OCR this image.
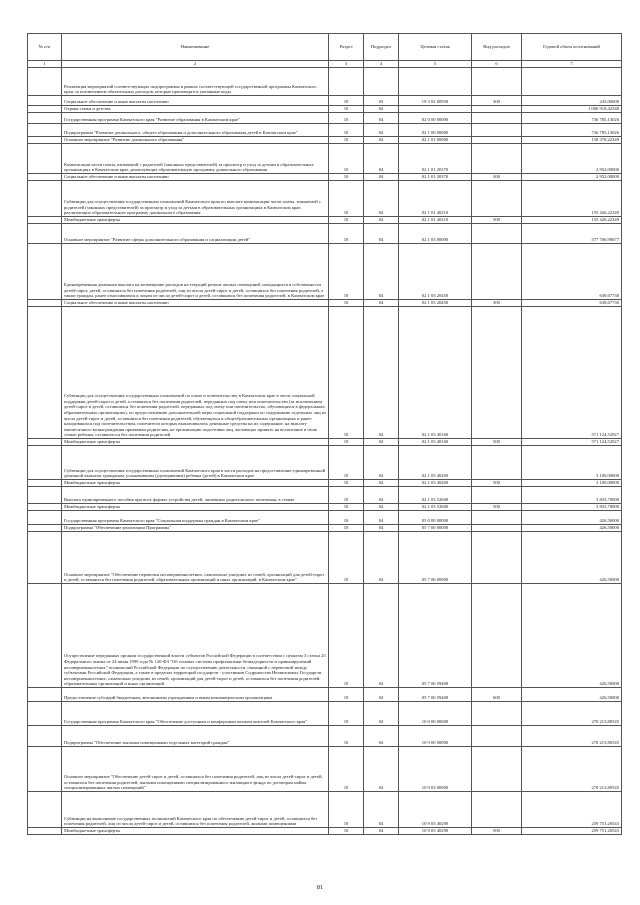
№ п/п	Наименование	Раздел	Подраздел	Целевая статья	Вид расходов	Годовой объем ассигнований
1	2	3	4	5	6	7
	Реализация мероприятий соответствующих подпрограммы в рамках соответствующей государственной программы Камчатского края, за исключением обязательных расходов, которые производятся указанные коды					
	Социальное обеспечение и иные выплаты населению	10	03	19 3 02 00950	300	243,00000
	Охрана семьи и детства	10	04			1 006 918,42548
	Государственная программа Камчатского края "Развитие образования в Камчатском крае"	10	04	02 0 00 00000		736 785,13026
	Подпрограмма "Развитие дошкольного, общего образования и дополнительного образования детей в Камчатском крае"	10	04	02 1 00 00000		736 785,13026
	Основное мероприятие "Развитие дошкольного образования"	10	04	02 1 01 00000		158 378,22349
	Компенсация части платы, взимаемой с родителей (законных представителей) за присмотр и уход за детьми в образовательных организациях в Камчатском крае, реализующих образовательную программу дошкольного образования	10	04	02 1 01 20370		2 952,00000
	Социальное обеспечение и иные выплаты населению	10	04	02 1 01 20370	300	2 952,00000
	Субвенции для осуществления государственных полномочий Камчатского края по выплате компенсации части платы, взимаемой с родителей (законных представителей) за присмотр и уход за детьми в образовательных организациях в Камчатском крае, реализующих образовательную программу дошкольного образования	10	04	02 1 01 40210		155 426,22349
	Межбюджетные трансферты	10	04	02 1 01 40210	500	155 426,22349
	Основное мероприятие "Развитие сферы дополнительного образования и социализации детей"	10	04	02 1 03 00000		577 706,90677
	Единовременная денежная выплата на возмещение расходов на текущий ремонт жилых помещений, находящихся в собственности детей-сирот, детей, оставшихся без попечения родителей, лиц из числа детей-сирот и детей, оставшихся без попечения родителей, а также граждан, ранее относившихся к лицам из числа детей-сирот и детей, оставшихся без попечения родителей, в Камчатском крае	10	04	02 1 03 20450		638,67730
	Социальное обеспечение и иные выплаты населению	10	04	02 1 03 20450	300	638,67730
	Субвенции для осуществления государственных полномочий по опеке и попечительству в Камчатском крае в части социальной поддержки детей-сирот и детей, оставшихся без попечения родителей, переданных под опеку или попечительство (за исключением детей-сирот и детей, оставшихся без попечения родителей, переданных под опеку или попечительство, обучающихся в федеральных образовательных организациях), по предоставлению дополнительной меры социальной поддержки по содержанию отдельных лиц из числа детей-сирот и детей, оставшихся без попечения родителей, обучающихся в общеобразовательных организациях и ранее находившихся под попечительством, попечители которых выплачивались денежные средства на их содержание, на выплату ежемесячного вознаграждения приемным родителям, на организацию подготовки лиц, желающих принять на воспитание в свою семью ребенка, оставшегося без попечения родителей	10	04	02 1 03 40160		571 124,52927
	Межбюджетные трансферты	10	04	02 1 03 40160	500	571 124,52927
	Субвенции для осуществления государственных полномочий Камчатского края в части расходов на предоставление единовременной денежной выплаты гражданам, усыновившим (удочерившим) ребенка (детей) в Камчатском крае	10	04	02 1 03 40200		3 100,00000
	Межбюджетные трансферты	10	04	02 1 03 40200	500	3 100,00000
	Выплата единовременного пособия при всех формах устройства детей, лишенных родительского попечения, в семью	10	04	02 1 03 52600		3 833,70000
	Межбюджетные трансферты	10	04	02 1 03 52600	500	3 833,70000
	Государственная программа Камчатского края "Социальная поддержка граждан в Камчатском крае"	10	04	05 0 00 00000		426,50000
	Подпрограмма "Обеспечение реализации Программы"	10	04	05 7 00 00000		426,50000
	Основное мероприятие "Обеспечение перевозки несовершеннолетних, самовольно ушедших из семей, организаций для детей-сирот и детей, оставшихся без попечения родителей, образовательных организаций и иных организаций, в Камчатском крае"	10	04	05 7 06 00000		426,50000
	Осуществление переданных органам государственной власти субъектов Российской Федерации в соответствии с пунктом 3 статьи 25 Федерального закона от 24 июня 1999 года № 120-ФЗ "Об основах системы профилактики безнадзорности и правонарушений несовершеннолетних" полномочий Российской Федерации по осуществлению деятельности, связанной с перевозкой между субъектами Российской Федерации, а также в пределах территорий государств - участников Содружества Независимых Государств несовершеннолетних, самовольно ушедших из семей, организаций для детей-сирот и детей, оставшихся без попечения родителей, образовательных организаций и иных организаций	10	04	05 7 06 59400		426,50000
	Предоставление субсидий бюджетным, автономным учреждениям и иным некоммерческим организациям	10	04	05 7 06 59400	600	426,50000
	Государственная программа Камчатского края "Обеспечение доступным и комфортным жильем жителей Камчатского края"	10	04	10 0 00 00000		270 213,80545
	Подпрограмма "Обеспечение жилыми помещениями отдельных категорий граждан"	10	04	10 9 00 00000		270 213,80545
	Основное мероприятие "Обеспечение детей-сирот и детей, оставшихся без попечения родителей, лиц из числа детей-сирот и детей, оставшихся без попечения родителей, жилыми помещениями специализированного жилищного фонда по договорам найма специализированных жилых помещений"	10	04	10 9 03 00000		270 213,80545
	Субвенции на выполнение государственных полномочий Камчатского края по обеспечению детей-сирот и детей, оставшихся без попечения родителей, лиц из числа детей-сирот и детей, оставшихся без попечения родителей, жилыми помещениями	10	04	10 9 03 40290		259 751,20543
	Межбюджетные трансферты	10	04	10 9 03 40290	500	259 751,20543
81
